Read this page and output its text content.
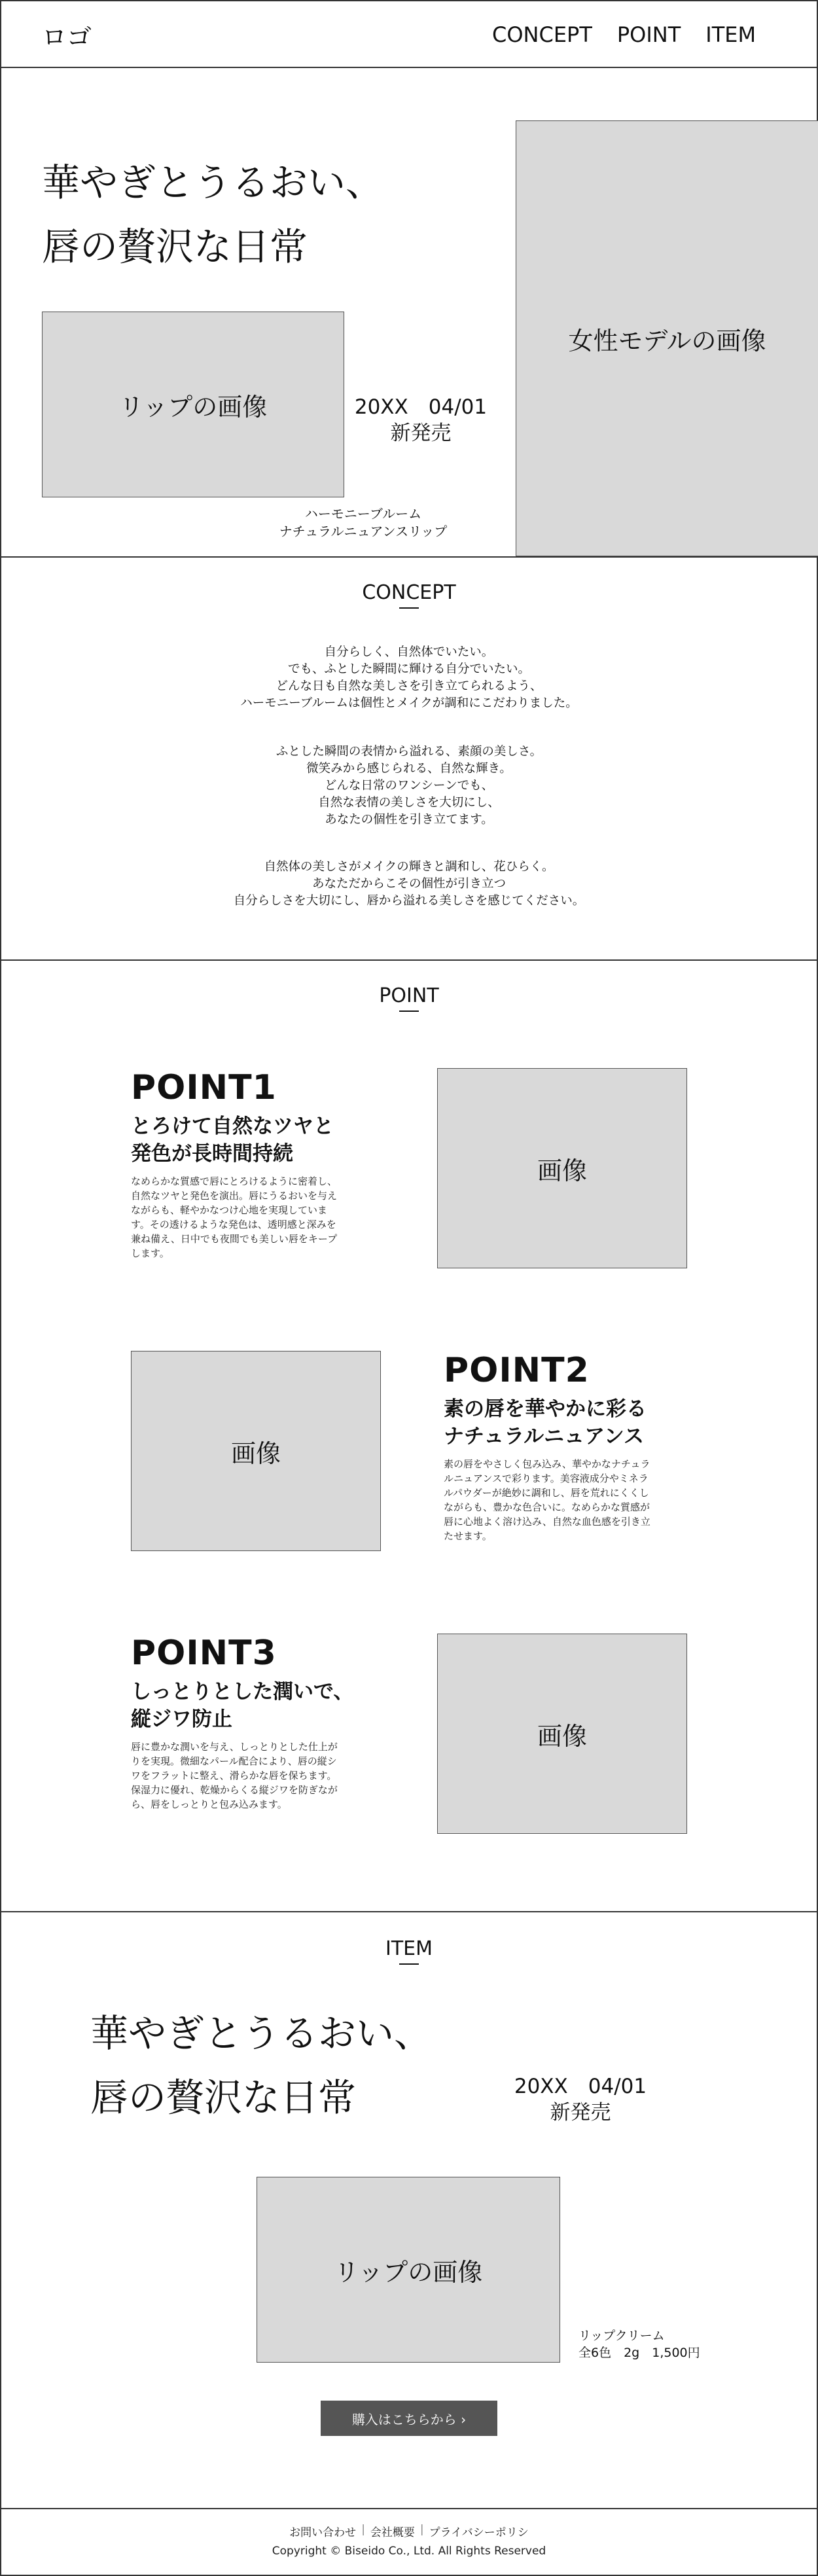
ロゴ	CONCEPT POINT ITEM
華やぎとうるおい、
唇の贅沢な日常
女性モデルの画像
リップの画像	20XX　04/01
新発売
ハーモニーブルーム
ナチュラルニュアンスリップ
CONCEPT
自分らしく、自然体でいたい。
でも、ふとした瞬間に輝ける自分でいたい。
どんな日も自然な美しさを引き立てられるよう、
ハーモニーブルームは個性とメイクが調和にこだわりました。
ふとした瞬間の表情から溢れる、素顔の美しさ。
微笑みから感じられる、自然な輝き。
どんな日常のワンシーンでも、
自然な表情の美しさを大切にし、
あなたの個性を引き立てます。
自然体の美しさがメイクの輝きと調和し、花ひらく。
あなただからこその個性が引き立つ
自分らしさを大切にし、唇から溢れる美しさを感じてください。
POINT
POINT1
とろけて自然なツヤと
発色が長時間持続
なめらかな質感で唇にとろけるように密着し、
自然なツヤと発色を演出。唇にうるおいを与え
ながらも、軽やかなつけ心地を実現していま
す。その透けるような発色は、透明感と深みを
兼ね備え、日中でも夜間でも美しい唇をキープ
します。
画像
画像
POINT2
素の唇を華やかに彩る
ナチュラルニュアンス
素の唇をやさしく包み込み、華やかなナチュラ
ルニュアンスで彩ります。美容液成分やミネラ
ルパウダーが絶妙に調和し、唇を荒れにくくし
ながらも、豊かな色合いに。なめらかな質感が
唇に心地よく溶け込み、自然な血色感を引き立
たせます。
POINT3
しっとりとした潤いで、
縦ジワ防止
唇に豊かな潤いを与え、しっとりとした仕上が
りを実現。微細なパール配合により、唇の縦シ
ワをフラットに整え、滑らかな唇を保ちます。
保湿力に優れ、乾燥からくる縦ジワを防ぎなが
ら、唇をしっとりと包み込みます。
画像
ITEM
華やぎとうるおい、
唇の贅沢な日常	20XX　04/01
新発売
リップの画像
リップクリーム
全6色　2g　1,500円
購入はこちらから ›
お問い合わせ | 会社概要 | プライバシーポリシ
Copyright © Biseido Co., Ltd. All Rights Reserved
